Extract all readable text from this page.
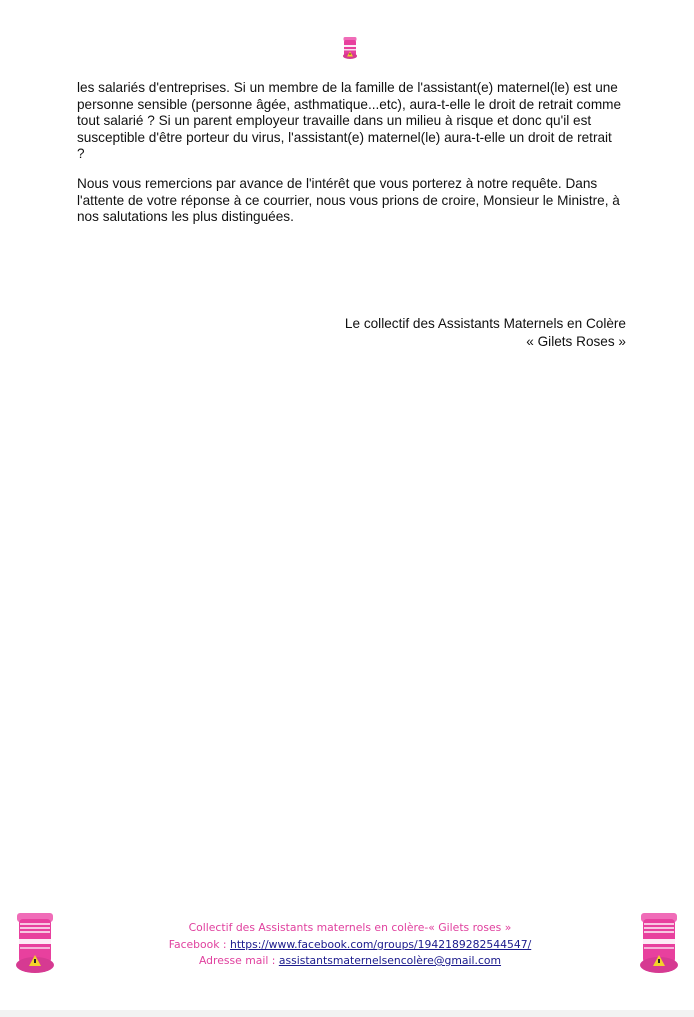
les salariés d'entreprises. Si un membre de la famille de l'assistant(e) maternel(le) est une personne sensible (personne âgée, asthmatique...etc), aura-t-elle le droit de retrait comme tout salarié ? Si un parent employeur travaille dans un milieu à risque et donc qu'il est susceptible d'être porteur du virus, l'assistant(e) maternel(le) aura-t-elle un droit de retrait ?

Nous vous remercions par avance de l'intérêt que vous porterez à notre requête. Dans l'attente de votre réponse à ce courrier, nous vous prions de croire, Monsieur le Ministre, à nos salutations les plus distinguées.

Le collectif des Assistants Maternels en Colère
« Gilets Roses »
Collectif des Assistants maternels en colère-« Gilets roses »
Facebook : https://www.facebook.com/groups/1942189282544547/
Adresse mail : assistantsmaternelsencolère@gmail.com
